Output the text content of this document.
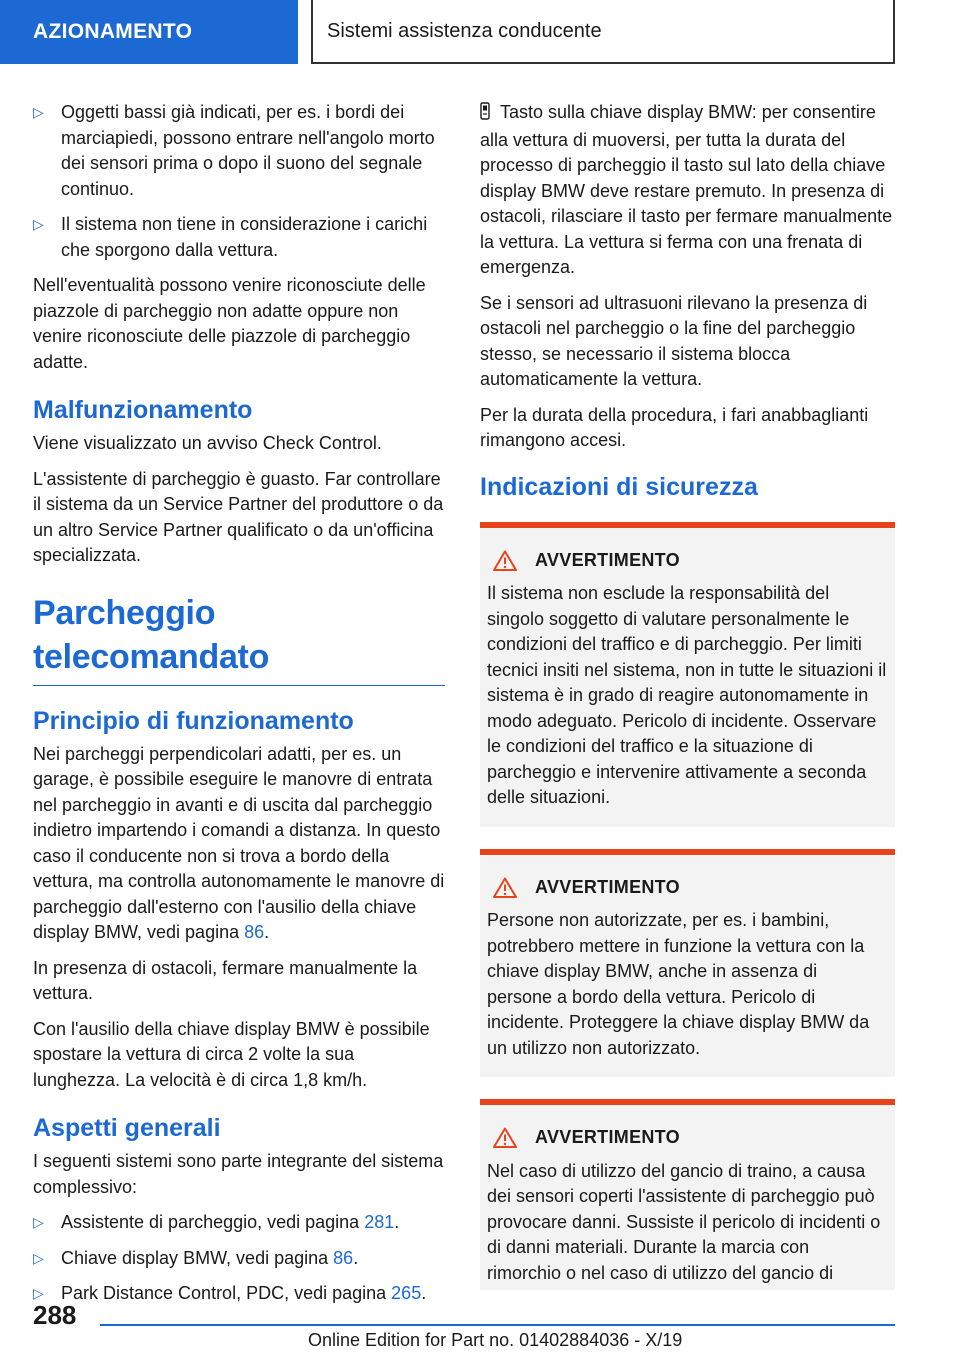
AZIONAMENTO	Sistemi assistenza conducente
▷ Oggetti bassi già indicati, per es. i bordi dei marciapiedi, possono entrare nell'angolo morto dei sensori prima o dopo il suono del segnale continuo.
▷ Il sistema non tiene in considerazione i carichi che sporgono dalla vettura.

Nell'eventualità possono venire riconosciute delle piazzole di parcheggio non adatte oppure non venire riconosciute delle piazzole di parcheggio adatte.

Malfunzionamento

Viene visualizzato un avviso Check Control.

L'assistente di parcheggio è guasto. Far controllare il sistema da un Service Partner del produttore o da un altro Service Partner qualificato o da un'officina specializzata.

Parcheggio telecomandato
Principio di funzionamento

Nei parcheggi perpendicolari adatti, per es. un garage, è possibile eseguire le manovre di entrata nel parcheggio in avanti e di uscita dal parcheggio indietro impartendo i comandi a distanza. In questo caso il conducente non si trova a bordo della vettura, ma controlla autonomamente le manovre di parcheggio dall'esterno con l'ausilio della chiave display BMW, vedi pagina 86.

In presenza di ostacoli, fermare manualmente la vettura.

Con l'ausilio della chiave display BMW è possibile spostare la vettura di circa 2 volte la sua lunghezza. La velocità è di circa 1,8 km/h.

Aspetti generali

I seguenti sistemi sono parte integrante del sistema complessivo:

▷ Assistente di parcheggio, vedi pagina 281.
▷ Chiave display BMW, vedi pagina 86.
▷ Park Distance Control, PDC, vedi pagina 265.

Tasto sulla chiave display BMW: per consentire alla vettura di muoversi, per tutta la durata del processo di parcheggio il tasto sul lato della chiave display BMW deve restare premuto. In presenza di ostacoli, rilasciare il tasto per fermare manualmente la vettura. La vettura si ferma con una frenata di emergenza.

Se i sensori ad ultrasuoni rilevano la presenza di ostacoli nel parcheggio o la fine del parcheggio stesso, se necessario il sistema blocca automaticamente la vettura.

Per la durata della procedura, i fari anabbaglianti rimangono accesi.

Indicazioni di sicurezza
AVVERTIMENTO
Il sistema non esclude la responsabilità del singolo soggetto di valutare personalmente le condizioni del traffico e di parcheggio. Per limiti tecnici insiti nel sistema, non in tutte le situazioni il sistema è in grado di reagire autonomamente in modo adeguato. Pericolo di incidente. Osservare le condizioni del traffico e la situazione di parcheggio e intervenire attivamente a seconda delle situazioni.
AVVERTIMENTO
Persone non autorizzate, per es. i bambini, potrebbero mettere in funzione la vettura con la chiave display BMW, anche in assenza di persone a bordo della vettura. Pericolo di incidente. Proteggere la chiave display BMW da un utilizzo non autorizzato.
AVVERTIMENTO
Nel caso di utilizzo del gancio di traino, a causa dei sensori coperti l'assistente di parcheggio può provocare danni. Sussiste il pericolo di incidenti o di danni materiali. Durante la marcia con rimorchio o nel caso di utilizzo del gancio di
288
Online Edition for Part no. 01402884036 - X/19
